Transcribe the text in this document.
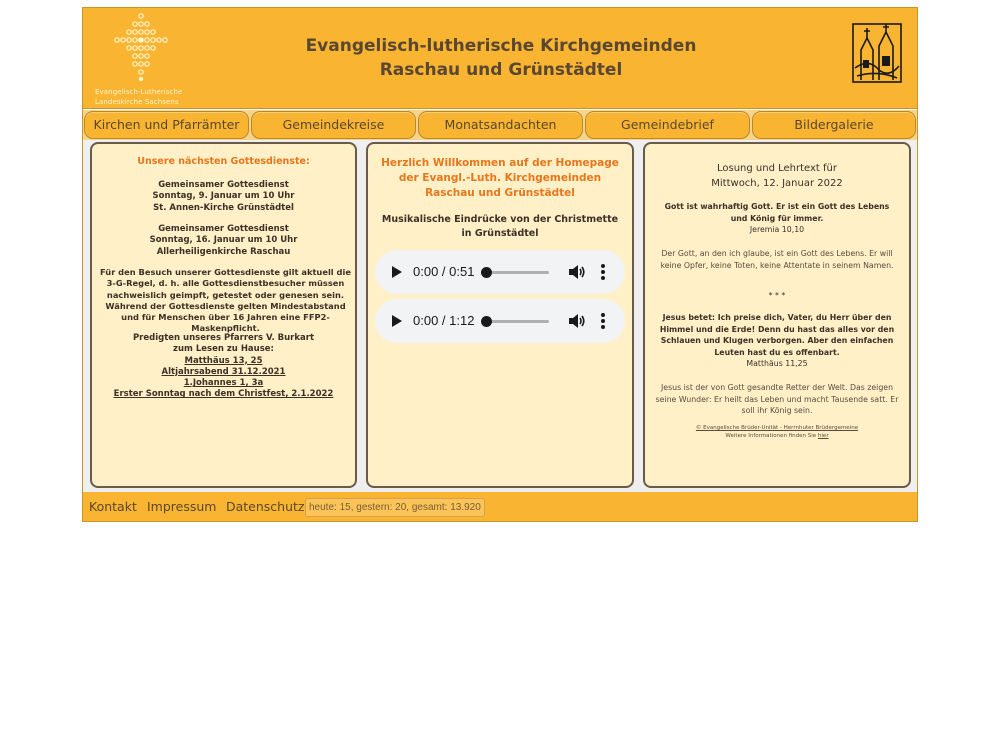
Evangelisch-Lutherische
Landeskirche Sachsens
Evangelisch-lutherische Kirchgemeinden
Raschau und Grünstädtel
Kirchen und Pfarrämter	Gemeindekreise	Monatsandachten	Gemeindebrief	Bildergalerie
Unsere nächsten Gottesdienste:
Gemeinsamer Gottesdienst
Sonntag, 9. Januar um 10 Uhr
St. Annen-Kirche Grünstädtel
Gemeinsamer Gottesdienst
Sonntag, 16. Januar um 10 Uhr
Allerheiligenkirche Raschau
Für den Besuch unserer Gottesdienste gilt aktuell die 3-G-Regel, d. h. alle Gottesdienstbesucher müssen nachweislich geimpft, getestet oder genesen sein. Während der Gottesdienste gelten Mindestabstand und für Menschen über 16 Jahren eine FFP2-Maskenpflicht.
Predigten unseres Pfarrers V. Burkart
zum Lesen zu Hause:
Matthäus 13, 25
Altjahrsabend 31.12.2021
1.Johannes 1, 3a
Erster Sonntag nach dem Christfest, 2.1.2022
Herzlich Willkommen auf der Homepage der Evangl.-Luth. Kirchgemeinden Raschau und Grünstädtel
Musikalische Eindrücke von der Christmette in Grünstädtel
0:00 / 0:51
0:00 / 1:12
Losung und Lehrtext für
Mittwoch, 12. Januar 2022
Gott ist wahrhaftig Gott. Er ist ein Gott des Lebens und König für immer.
Jeremia 10,10
Der Gott, an den ich glaube, ist ein Gott des Lebens. Er will keine Opfer, keine Toten, keine Attentate in seinem Namen.
* * *
Jesus betet: Ich preise dich, Vater, du Herr über den Himmel und die Erde! Denn du hast das alles vor den Schlauen und Klugen verborgen. Aber den einfachen Leuten hast du es offenbart.
Matthäus 11,25
Jesus ist der von Gott gesandte Retter der Welt. Das zeigen seine Wunder: Er heilt das Leben und macht Tausende satt. Er soll ihr König sein.
© Evangelische Brüder-Unität - Herrnhuter Brüdergemeine
Weitere Informationen finden Sie hier
Kontakt Impressum Datenschutz heute: 15, gestern: 20, gesamt: 13.920
